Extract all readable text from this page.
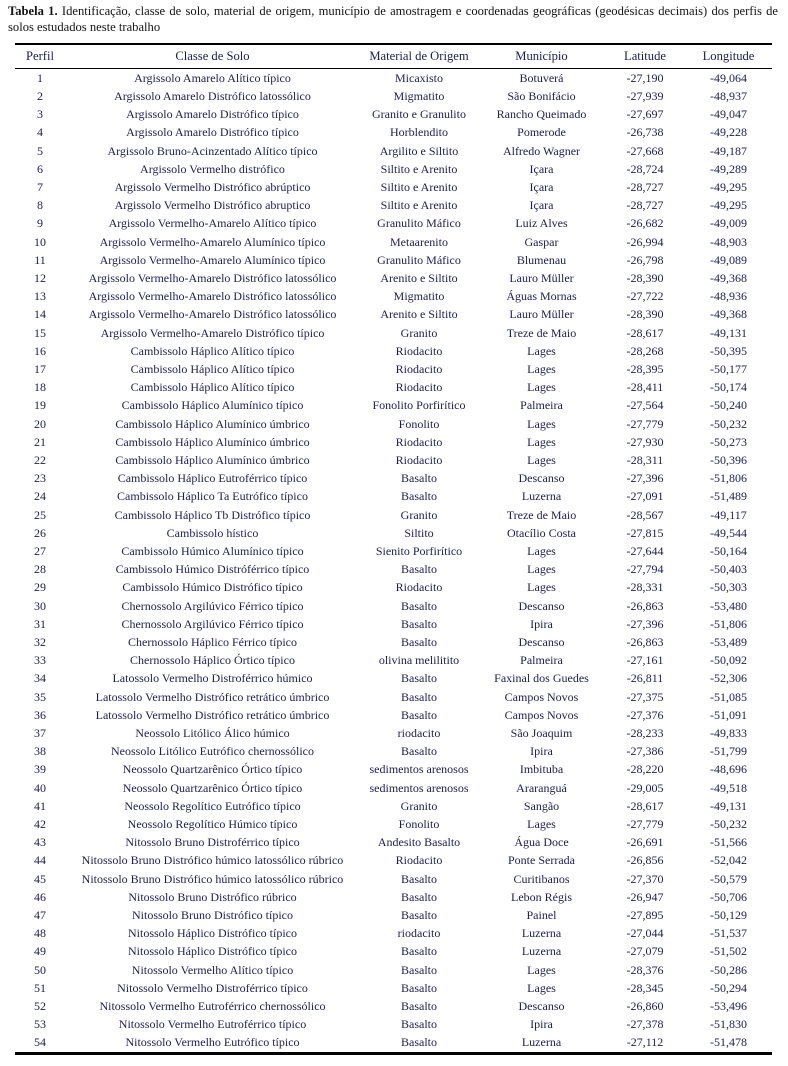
Tabela 1. Identificação, classe de solo, material de origem, município de amostragem e coordenadas geográficas (geodésicas decimais) dos perfis de solos estudados neste trabalho

Perfil	Classe de Solo	Material de Origem	Município	Latitude	Longitude
1	Argissolo Amarelo Alítico típico	Micaxisto	Botuverá	-27,190	-49,064
2	Argissolo Amarelo Distrófico latossólico	Migmatito	São Bonifácio	-27,939	-48,937
3	Argissolo Amarelo Distrófico típico	Granito e Granulito	Rancho Queimado	-27,697	-49,047
4	Argissolo Amarelo Distrófico típico	Horblendito	Pomerode	-26,738	-49,228
5	Argissolo Bruno-Acinzentado Alítico típico	Argilito e Siltito	Alfredo Wagner	-27,668	-49,187
6	Argissolo Vermelho distrófico	Siltito e Arenito	Içara	-28,724	-49,289
7	Argissolo Vermelho Distrófico abrúptico	Siltito e Arenito	Içara	-28,727	-49,295
8	Argissolo Vermelho Distrófico abruptico	Siltito e Arenito	Içara	-28,727	-49,295
9	Argissolo Vermelho-Amarelo Alítico típico	Granulito Máfico	Luiz Alves	-26,682	-49,009
10	Argissolo Vermelho-Amarelo Alumínico típico	Metaarenito	Gaspar	-26,994	-48,903
11	Argissolo Vermelho-Amarelo Alumínico típico	Granulito Máfico	Blumenau	-26,798	-49,089
12	Argissolo Vermelho-Amarelo Distrófico latossólico	Arenito e Siltito	Lauro Müller	-28,390	-49,368
13	Argissolo Vermelho-Amarelo Distrófico latossólico	Migmatito	Águas Mornas	-27,722	-48,936
14	Argissolo Vermelho-Amarelo Distrófico latossólico	Arenito e Siltito	Lauro Müller	-28,390	-49,368
15	Argissolo Vermelho-Amarelo Distrófico típico	Granito	Treze de Maio	-28,617	-49,131
16	Cambissolo Háplico Alítico típico	Riodacito	Lages	-28,268	-50,395
17	Cambissolo Háplico Alítico típico	Riodacito	Lages	-28,395	-50,177
18	Cambissolo Háplico Alítico típico	Riodacito	Lages	-28,411	-50,174
19	Cambissolo Háplico Alumínico típico	Fonolito Porfirítico	Palmeira	-27,564	-50,240
20	Cambissolo Háplico Alumínico úmbrico	Fonolito	Lages	-27,779	-50,232
21	Cambissolo Háplico Alumínico úmbrico	Riodacito	Lages	-27,930	-50,273
22	Cambissolo Háplico Alumínico úmbrico	Riodacito	Lages	-28,311	-50,396
23	Cambissolo Háplico Eutroférrico típico	Basalto	Descanso	-27,396	-51,806
24	Cambissolo Háplico Ta Eutrófico típico	Basalto	Luzerna	-27,091	-51,489
25	Cambissolo Háplico Tb Distrófico típico	Granito	Treze de Maio	-28,567	-49,117
26	Cambissolo hístico	Siltito	Otacílio Costa	-27,815	-49,544
27	Cambissolo Húmico Alumínico típico	Sienito Porfirítico	Lages	-27,644	-50,164
28	Cambissolo Húmico Distróférrico típico	Basalto	Lages	-27,794	-50,403
29	Cambissolo Húmico Distrófico típico	Riodacito	Lages	-28,331	-50,303
30	Chernossolo Argilúvico Férrico típico	Basalto	Descanso	-26,863	-53,480
31	Chernossolo Argilúvico Férrico típico	Basalto	Ipira	-27,396	-51,806
32	Chernossolo Háplico Férrico típico	Basalto	Descanso	-26,863	-53,489
33	Chernossolo Háplico Órtico típico	olivina melilitito	Palmeira	-27,161	-50,092
34	Latossolo Vermelho Distroférrico húmico	Basalto	Faxinal dos Guedes	-26,811	-52,306
35	Latossolo Vermelho Distrófico retrático úmbrico	Basalto	Campos Novos	-27,375	-51,085
36	Latossolo Vermelho Distrófico retrático úmbrico	Basalto	Campos Novos	-27,376	-51,091
37	Neossolo Litólico Álico húmico	riodacito	São Joaquim	-28,233	-49,833
38	Neossolo Litólico Eutrófico chernossólico	Basalto	Ipira	-27,386	-51,799
39	Neossolo Quartzarênico Órtico típico	sedimentos arenosos	Imbituba	-28,220	-48,696
40	Neossolo Quartzarênico Órtico típico	sedimentos arenosos	Araranguá	-29,005	-49,518
41	Neossolo Regolítico Eutrófico típico	Granito	Sangão	-28,617	-49,131
42	Neossolo Regolítico Húmico típico	Fonolito	Lages	-27,779	-50,232
43	Nitossolo Bruno Distroférrico típico	Andesito Basalto	Água Doce	-26,691	-51,566
44	Nitossolo Bruno Distrófico húmico latossólico rúbrico	Riodacito	Ponte Serrada	-26,856	-52,042
45	Nitossolo Bruno Distrófico húmico latossólico rúbrico	Basalto	Curitibanos	-27,370	-50,579
46	Nitossolo Bruno Distrófico rúbrico	Basalto	Lebon Régis	-26,947	-50,706
47	Nitossolo Bruno Distrófico típico	Basalto	Painel	-27,895	-50,129
48	Nitossolo Háplico Distrófico típico	riodacito	Luzerna	-27,044	-51,537
49	Nitossolo Háplico Distrófico típico	Basalto	Luzerna	-27,079	-51,502
50	Nitossolo Vermelho Alítico típico	Basalto	Lages	-28,376	-50,286
51	Nitossolo Vermelho Distroférrico típico	Basalto	Lages	-28,345	-50,294
52	Nitossolo Vermelho Eutroférrico chernossólico	Basalto	Descanso	-26,860	-53,496
53	Nitossolo Vermelho Eutroférrico típico	Basalto	Ipira	-27,378	-51,830
54	Nitossolo Vermelho Eutrófico típico	Basalto	Luzerna	-27,112	-51,478
